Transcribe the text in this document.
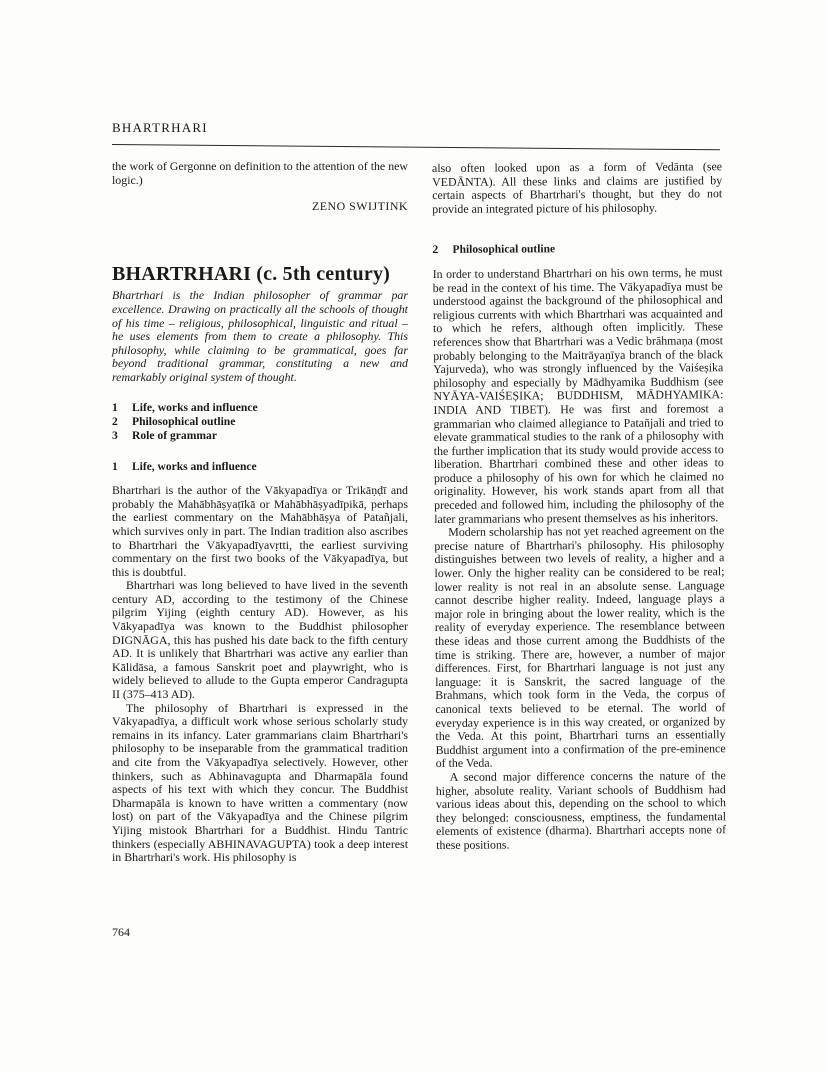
BHARTRHARI

the work of Gergonne on definition to the attention of the new logic.)

ZENO SWIJTINK

BHARTRHARI (c. 5th century)

Bhartrhari is the Indian philosopher of grammar par excellence. Drawing on practically all the schools of thought of his time – religious, philosophical, linguistic and ritual – he uses elements from them to create a philosophy. This philosophy, while claiming to be grammatical, goes far beyond traditional grammar, constituting a new and remarkably original system of thought.

1	Life, works and influence
2	Philosophical outline
3	Role of grammar

1	Life, works and influence

Bhartrhari is the author of the Vākyapadīya or Trikāṇḍī and probably the Mahābhāṣyaṭīkā or Mahābhāṣyadīpikā, perhaps the earliest commentary on the Mahābhāṣya of Patañjali, which survives only in part. The Indian tradition also ascribes to Bhartrhari the Vākyapadīyavṛtti, the earliest surviving commentary on the first two books of the Vākyapadīya, but this is doubtful.

Bhartrhari was long believed to have lived in the seventh century AD, according to the testimony of the Chinese pilgrim Yijing (eighth century AD). However, as his Vākyapadīya was known to the Buddhist philosopher DIGNĀGA, this has pushed his date back to the fifth century AD. It is unlikely that Bhartrhari was active any earlier than Kālidāsa, a famous Sanskrit poet and playwright, who is widely believed to allude to the Gupta emperor Candragupta II (375–413 AD).

The philosophy of Bhartrhari is expressed in the Vākyapadīya, a difficult work whose serious scholarly study remains in its infancy. Later grammarians claim Bhartrhari's philosophy to be inseparable from the grammatical tradition and cite from the Vākyapadīya selectively. However, other thinkers, such as Abhinavagupta and Dharmapāla found aspects of his text with which they concur. The Buddhist Dharmapāla is known to have written a commentary (now lost) on part of the Vākyapadīya and the Chinese pilgrim Yijing mistook Bhartrhari for a Buddhist. Hindu Tantric thinkers (especially ABHINAVAGUPTA) took a deep interest in Bhartrhari's work. His philosophy is

also often looked upon as a form of Vedānta (see VEDĀNTA). All these links and claims are justified by certain aspects of Bhartrhari's thought, but they do not provide an integrated picture of his philosophy.

2	Philosophical outline

In order to understand Bhartrhari on his own terms, he must be read in the context of his time. The Vākyapadīya must be understood against the background of the philosophical and religious currents with which Bhartrhari was acquainted and to which he refers, although often implicitly. These references show that Bhartrhari was a Vedic brāhmaṇa (most probably belonging to the Maitrāyaṇīya branch of the black Yajurveda), who was strongly influenced by the Vaiśeṣika philosophy and especially by Mādhyamika Buddhism (see NYĀYA-VAIŚEṢIKA; BUDDHISM, MĀDHYAMIKA: INDIA AND TIBET). He was first and foremost a grammarian who claimed allegiance to Patañjali and tried to elevate grammatical studies to the rank of a philosophy with the further implication that its study would provide access to liberation. Bhartrhari combined these and other ideas to produce a philosophy of his own for which he claimed no originality. However, his work stands apart from all that preceded and followed him, including the philosophy of the later grammarians who present themselves as his inheritors.

Modern scholarship has not yet reached agreement on the precise nature of Bhartrhari's philosophy. His philosophy distinguishes between two levels of reality, a higher and a lower. Only the higher reality can be considered to be real; lower reality is not real in an absolute sense. Language cannot describe higher reality. Indeed, language plays a major role in bringing about the lower reality, which is the reality of everyday experience. The resemblance between these ideas and those current among the Buddhists of the time is striking. There are, however, a number of major differences. First, for Bhartrhari language is not just any language: it is Sanskrit, the sacred language of the Brahmans, which took form in the Veda, the corpus of canonical texts believed to be eternal. The world of everyday experience is in this way created, or organized by the Veda. At this point, Bhartrhari turns an essentially Buddhist argument into a confirmation of the pre-eminence of the Veda.

A second major difference concerns the nature of the higher, absolute reality. Variant schools of Buddhism had various ideas about this, depending on the school to which they belonged: consciousness, emptiness, the fundamental elements of existence (dharma). Bhartrhari accepts none of these positions.

764
